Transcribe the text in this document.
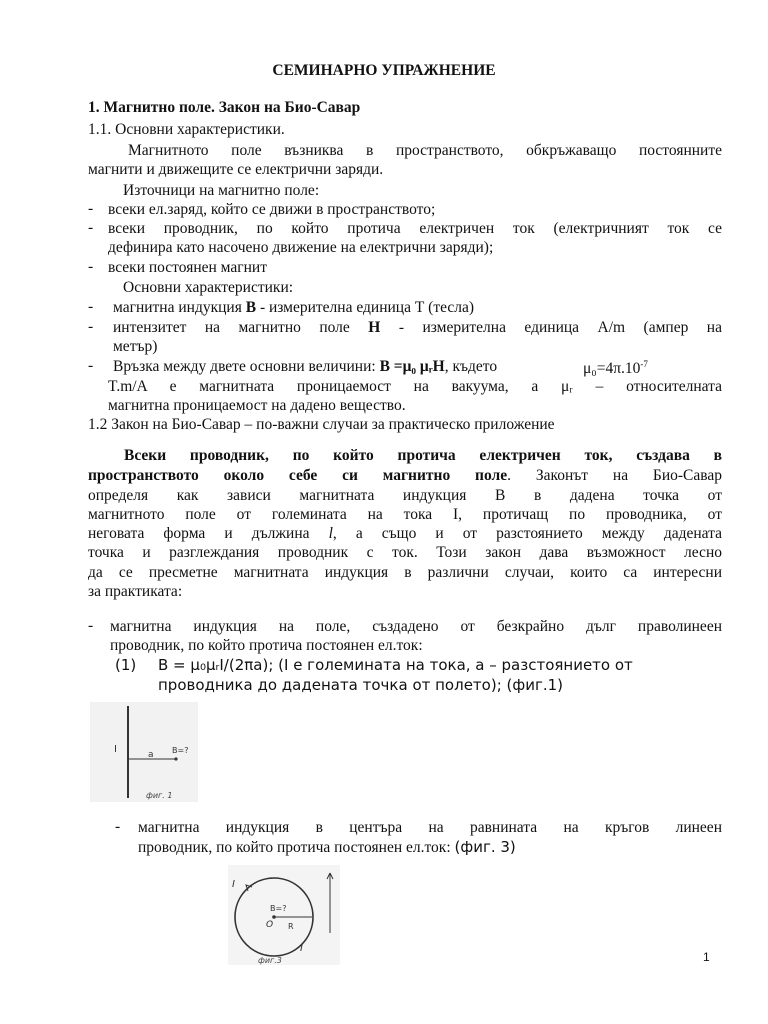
СЕМИНАРНО УПРАЖНЕНИЕ
1. Магнитно поле. Закон на Био-Савар
1.1. Основни характеристики.
Магнитното поле възниква в пространството, обкръжаващо постоянните
магнити и движещите се електрични заряди.
Източници на магнитно поле:
- всеки ел.заряд, който се движи в пространството;
- всеки проводник, по който протича електричен ток (електричният ток се
дефинира като насочено движение на електрични заряди);
- всеки постоянен магнит
Основни характеристики:
- магнитна индукция B - измерителна единица Т (тесла)
- интензитет на магнитно поле H - измерителна единица A/m (ампер на
метър)
- Връзка между двете основни величини: B =μ₀ μᵣH, където	$\mu_0=4\pi.10^{-7}$
T.m/A е магнитната проницаемост на вакуума, а μᵣ – относителната
магнитна проницаемост на дадено вещество.
1.2 Закон на Био-Савар – по-важни случаи за практическо приложение
Всеки проводник, по който протича електричен ток, създава в
пространството около себе си магнитно поле. Законът на Био-Савар
определя как зависи магнитната индукция B в дадена точка от
магнитното поле от големината на тока I, протичащ по проводника, от
неговата форма и дължина l, а също и от разстоянието между дадената
точка и разглеждания проводник с ток. Този закон дава възможност лесно
да се пресметне магнитната индукция в различни случаи, които са интересни
за практиката:
- магнитна индукция на поле, създадено от безкрайно дълг праволинеен
проводник, по който протича постоянен ел.ток:
(1)	B = μ₀μᵣI/(2πa); (I е големината на тока, a – разстоянието от
проводника до дадената точка от полето); (фиг.1)
I	a B=?
фиг. 1
- магнитна индукция в центъра на равнината на кръгов линеен
проводник, по който протича постоянен ел.ток: (фиг. 3)
I
I
B=?
O R
фиг.3	1
